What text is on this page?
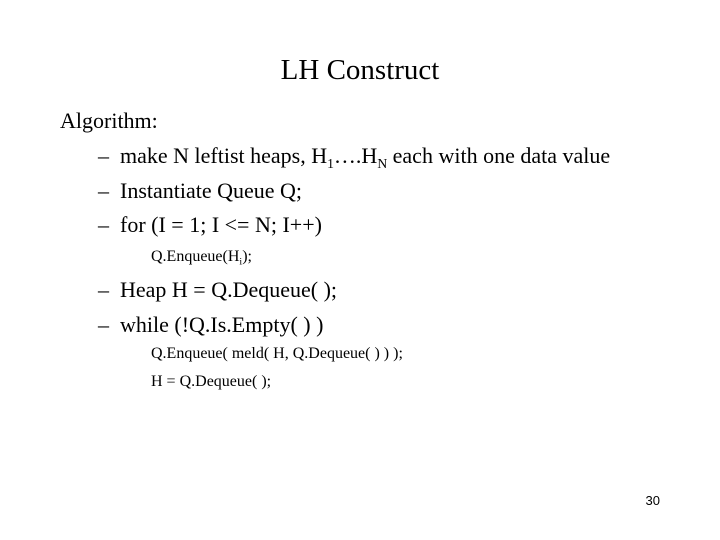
LH Construct
Algorithm:
– make N leftist heaps, $H_1\dots.H_N$ each with one data value
– Instantiate Queue Q;
– for (I = 1; I <= N; I++)
$Q.Enqueue(H_i)$;
– Heap H = Q.Dequeue( );
– while (!Q.Is.Empty( ) )
Q.Enqueue( meld( H, Q.Dequeue( ) ) );
H = Q.Dequeue( );
30
